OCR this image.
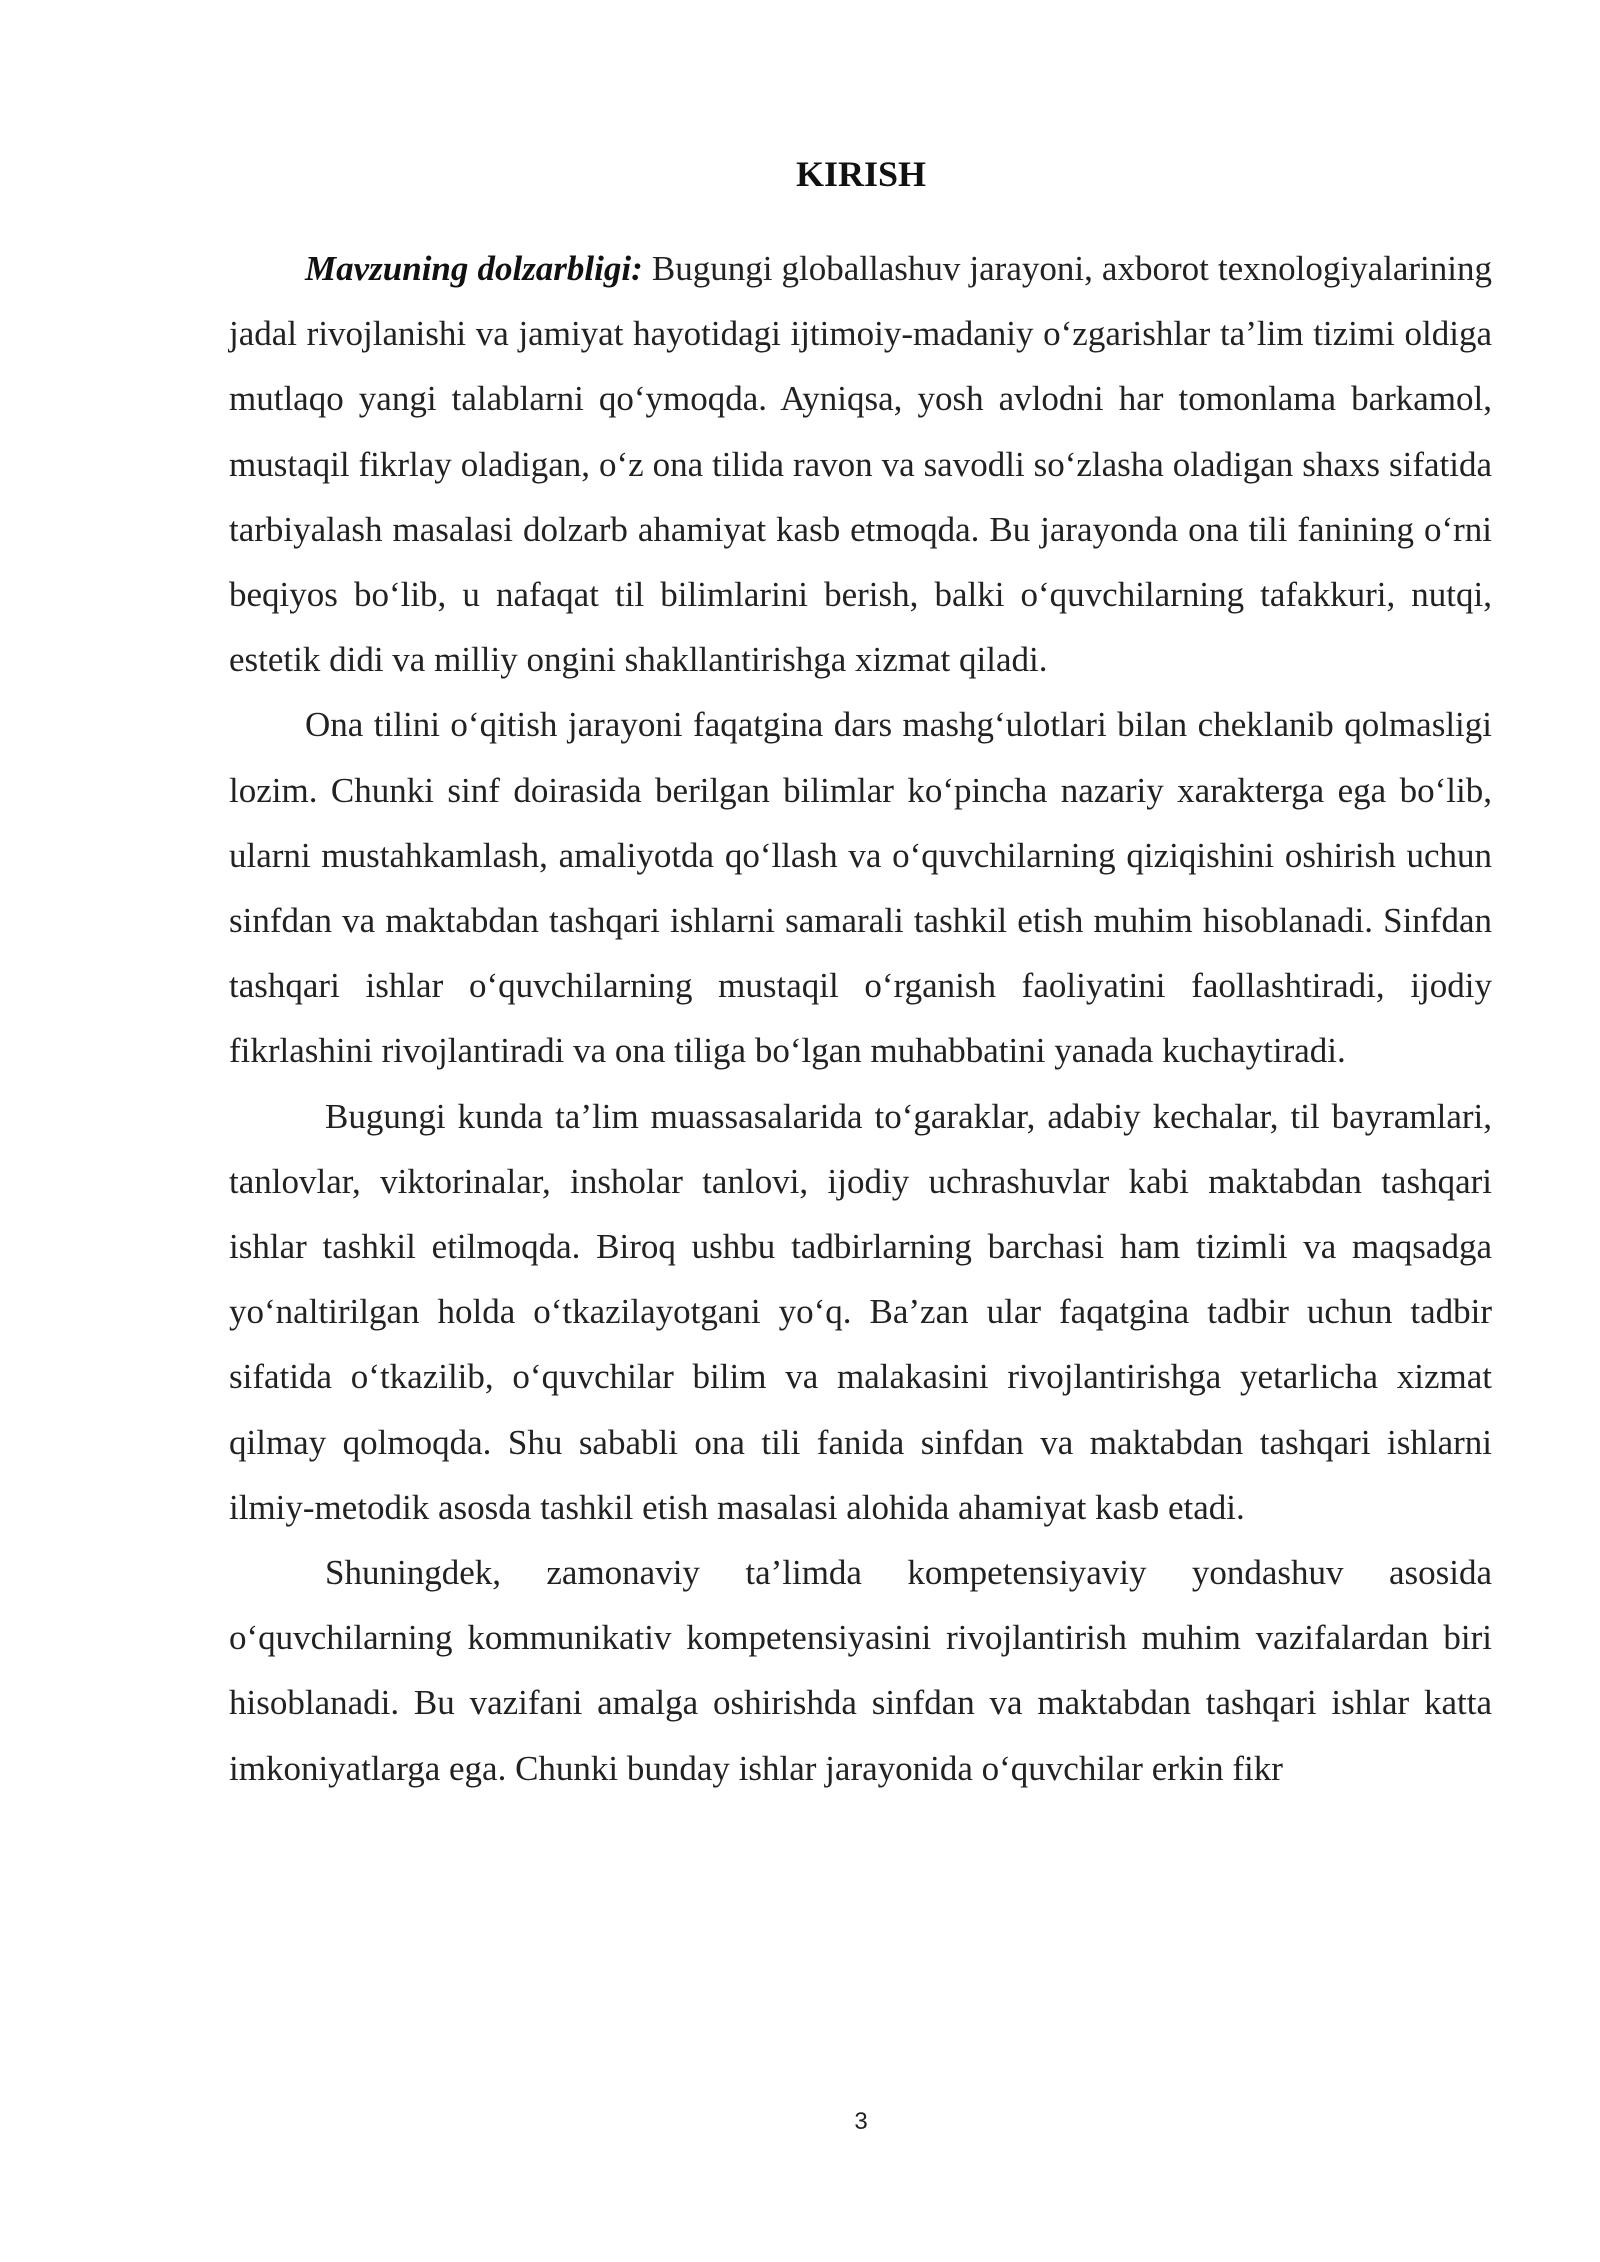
KIRISH

Mavzuning dolzarbligi: Bugungi globallashuv jarayoni, axborot texnologiyalarining jadal rivojlanishi va jamiyat hayotidagi ijtimoiy-madaniy o‘zgarishlar ta’lim tizimi oldiga mutlaqo yangi talablarni qo‘ymoqda. Ayniqsa, yosh avlodni har tomonlama barkamol, mustaqil fikrlay oladigan, o‘z ona tilida ravon va savodli so‘zlasha oladigan shaxs sifatida tarbiyalash masalasi dolzarb ahamiyat kasb etmoqda. Bu jarayonda ona tili fanining o‘rni beqiyos bo‘lib, u nafaqat til bilimlarini berish, balki o‘quvchilarning tafakkuri, nutqi, estetik didi va milliy ongini shakllantirishga xizmat qiladi.

Ona tilini o‘qitish jarayoni faqatgina dars mashg‘ulotlari bilan cheklanib qolmasligi lozim. Chunki sinf doirasida berilgan bilimlar ko‘pincha nazariy xarakterga ega bo‘lib, ularni mustahkamlash, amaliyotda qo‘llash va o‘quvchilarning qiziqishini oshirish uchun sinfdan va maktabdan tashqari ishlarni samarali tashkil etish muhim hisoblanadi. Sinfdan tashqari ishlar o‘quvchilarning mustaqil o‘rganish faoliyatini faollashtiradi, ijodiy fikrlashini rivojlantiradi va ona tiliga bo‘lgan muhabbatini yanada kuchaytiradi.

Bugungi kunda ta’lim muassasalarida to‘garaklar, adabiy kechalar, til bayramlari, tanlovlar, viktorinalar, insholar tanlovi, ijodiy uchrashuvlar kabi maktabdan tashqari ishlar tashkil etilmoqda. Biroq ushbu tadbirlarning barchasi ham tizimli va maqsadga yo‘naltirilgan holda o‘tkazilayotgani yo‘q. Ba’zan ular faqatgina tadbir uchun tadbir sifatida o‘tkazilib, o‘quvchilar bilim va malakasini rivojlantirishga yetarlicha xizmat qilmay qolmoqda. Shu sababli ona tili fanida sinfdan va maktabdan tashqari ishlarni ilmiy-metodik asosda tashkil etish masalasi alohida ahamiyat kasb etadi.

Shuningdek, zamonaviy ta’limda kompetensiyaviy yondashuv asosida o‘quvchilarning kommunikativ kompetensiyasini rivojlantirish muhim vazifalardan biri hisoblanadi. Bu vazifani amalga oshirishda sinfdan va maktabdan tashqari ishlar katta imkoniyatlarga ega. Chunki bunday ishlar jarayonida o‘quvchilar erkin fikr

3
